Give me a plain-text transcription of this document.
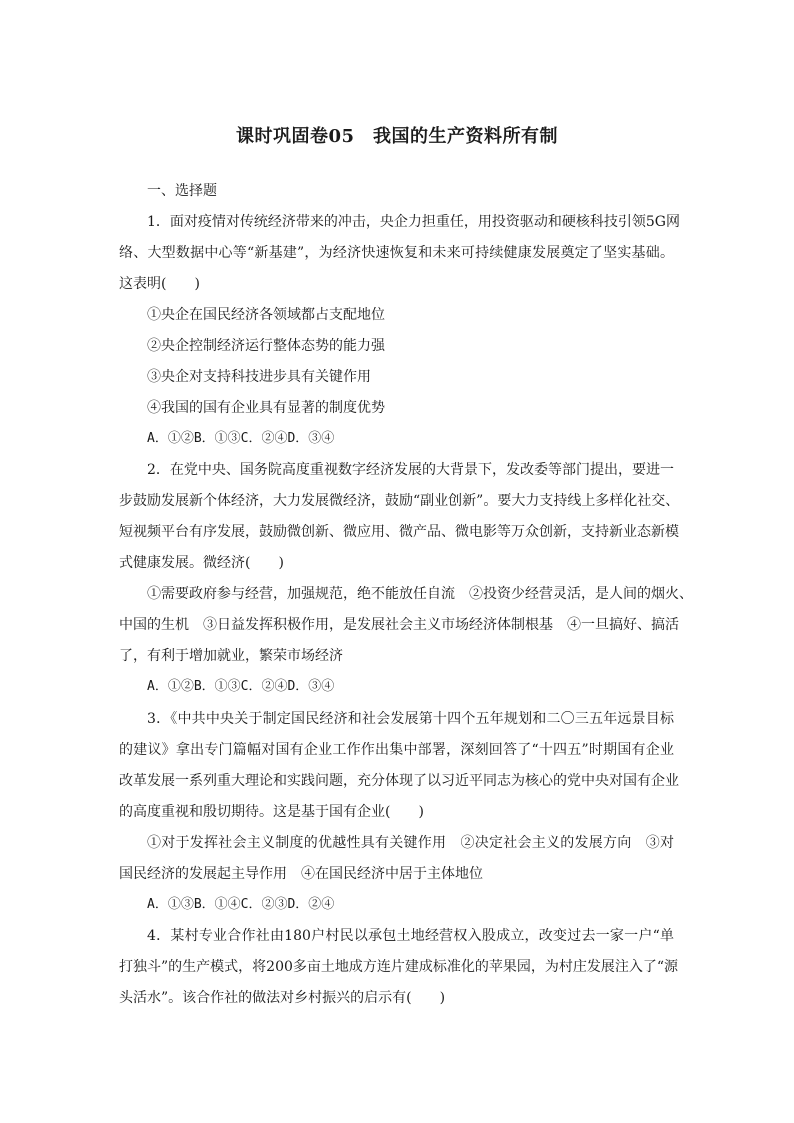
课时巩固卷05　我国的生产资料所有制
一、选择题
1．面对疫情对传统经济带来的冲击，央企力担重任，用投资驱动和硬核科技引领5G网
络、大型数据中心等“新基建”，为经济快速恢复和未来可持续健康发展奠定了坚实基础。
这表明(　　)
①央企在国民经济各领域都占支配地位
②央企控制经济运行整体态势的能力强
③央企对支持科技进步具有关键作用
④我国的国有企业具有显著的制度优势
A．①②B．①③C．②④D．③④
2．在党中央、国务院高度重视数字经济发展的大背景下，发改委等部门提出，要进一
步鼓励发展新个体经济，大力发展微经济，鼓励“副业创新”。要大力支持线上多样化社交、
短视频平台有序发展，鼓励微创新、微应用、微产品、微电影等万众创新，支持新业态新模
式健康发展。微经济(　　)
①需要政府参与经营，加强规范，绝不能放任自流　②投资少经营灵活，是人间的烟火、
中国的生机　③日益发挥积极作用，是发展社会主义市场经济体制根基　④一旦搞好、搞活
了，有利于增加就业，繁荣市场经济
A．①②B．①③C．②④D．③④
3．《中共中央关于制定国民经济和社会发展第十四个五年规划和二〇三五年远景目标
的建议》拿出专门篇幅对国有企业工作作出集中部署，深刻回答了“十四五”时期国有企业
改革发展一系列重大理论和实践问题，充分体现了以习近平同志为核心的党中央对国有企业
的高度重视和殷切期待。这是基于国有企业(　　)
①对于发挥社会主义制度的优越性具有关键作用　②决定社会主义的发展方向　③对
国民经济的发展起主导作用　④在国民经济中居于主体地位
A．①③B．①④C．②③D．②④
4．某村专业合作社由180户村民以承包土地经营权入股成立，改变过去一家一户“单
打独斗”的生产模式，将200多亩土地成方连片建成标准化的苹果园，为村庄发展注入了“源
头活水”。该合作社的做法对乡村振兴的启示有(　　)
